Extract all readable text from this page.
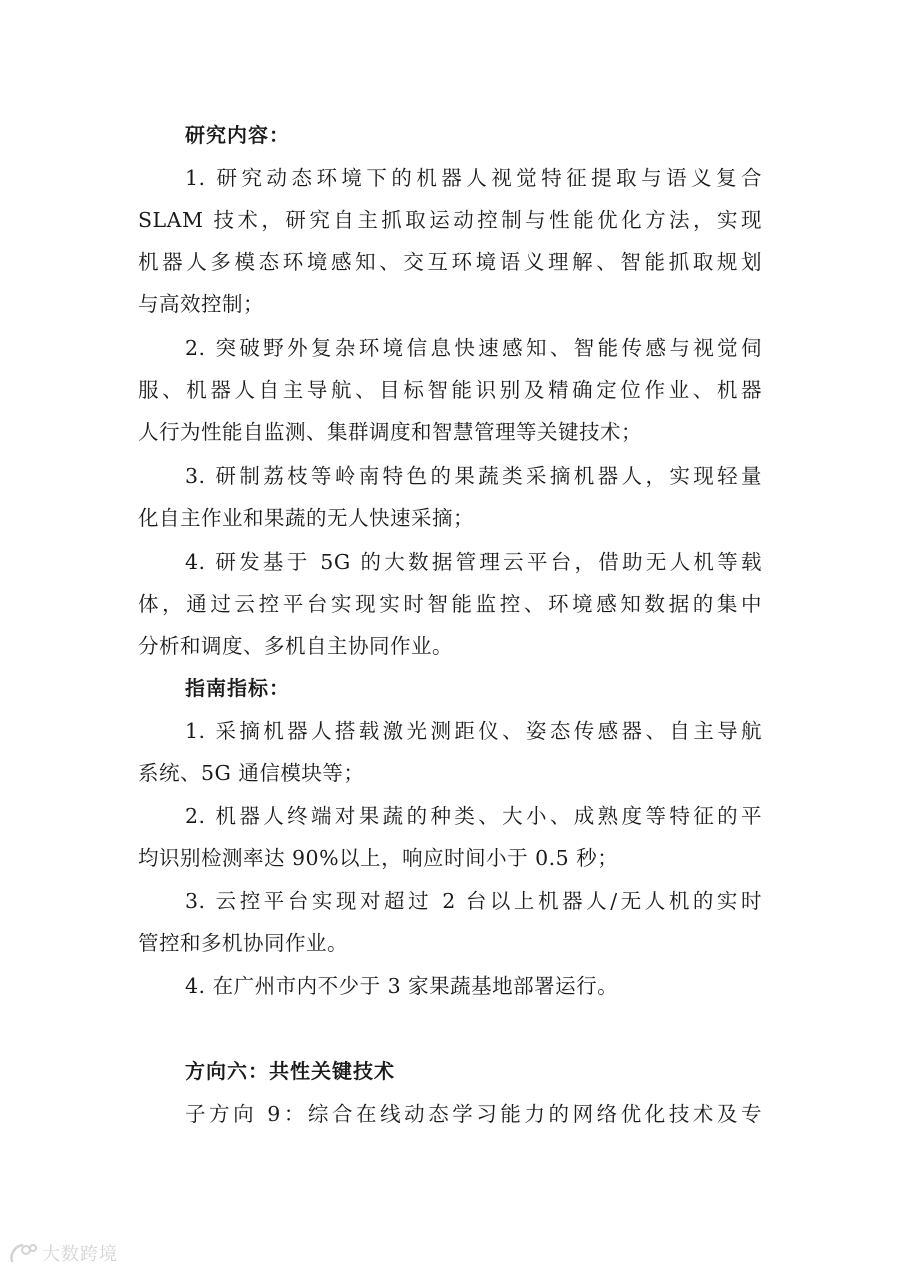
研究内容：
1. 研究动态环境下的机器人视觉特征提取与语义复合
SLAM 技术，研究自主抓取运动控制与性能优化方法，实现
机器人多模态环境感知、交互环境语义理解、智能抓取规划
与高效控制；
2. 突破野外复杂环境信息快速感知、智能传感与视觉伺
服、机器人自主导航、目标智能识别及精确定位作业、机器
人行为性能自监测、集群调度和智慧管理等关键技术；
3. 研制荔枝等岭南特色的果蔬类采摘机器人，实现轻量
化自主作业和果蔬的无人快速采摘；
4. 研发基于 5G 的大数据管理云平台，借助无人机等载
体，通过云控平台实现实时智能监控、环境感知数据的集中
分析和调度、多机自主协同作业。
指南指标：
1. 采摘机器人搭载激光测距仪、姿态传感器、自主导航
系统、5G 通信模块等；
2. 机器人终端对果蔬的种类、大小、成熟度等特征的平
均识别检测率达 90%以上，响应时间小于 0.5 秒；
3. 云控平台实现对超过 2 台以上机器人/无人机的实时
管控和多机协同作业。
4. 在广州市内不少于 3 家果蔬基地部署运行。
方向六：共性关键技术
子方向 9：综合在线动态学习能力的网络优化技术及专
大数跨境
